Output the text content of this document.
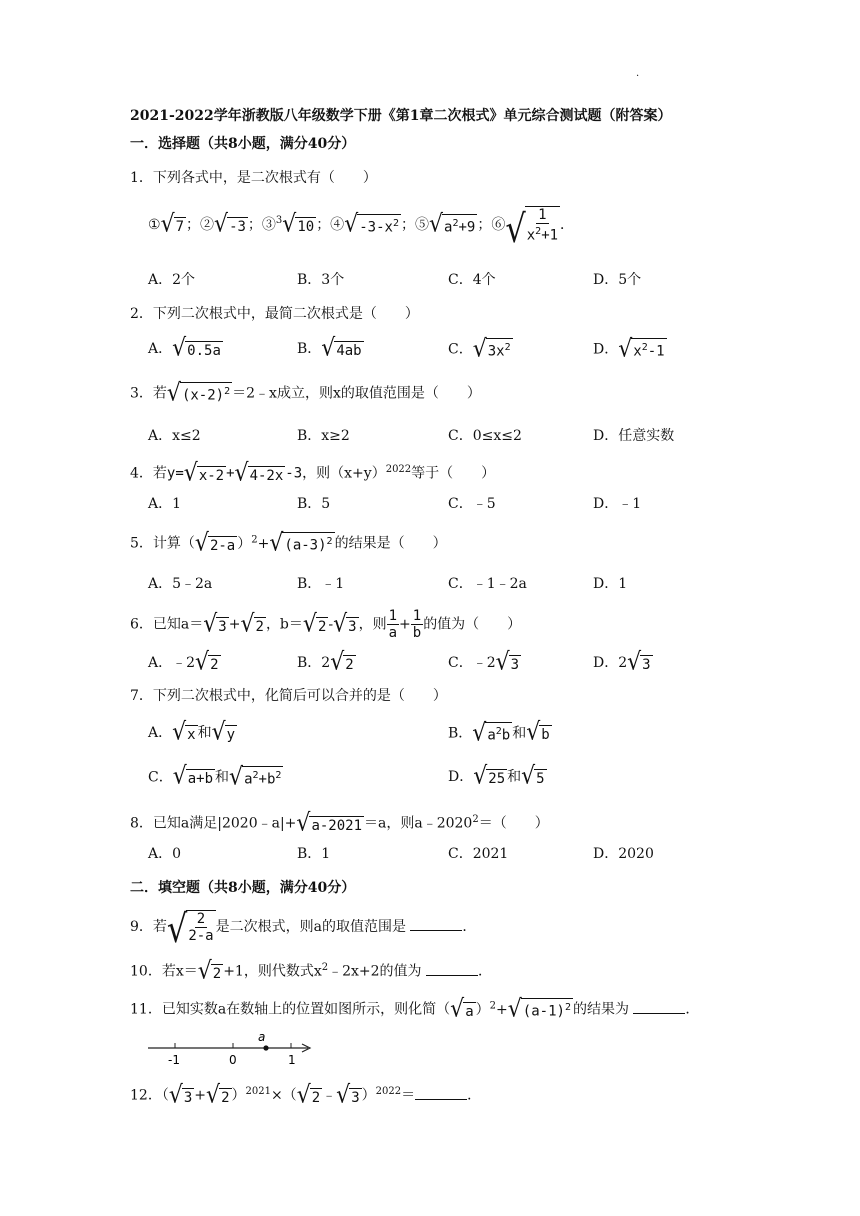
.
2021-2022学年浙教版八年级数学下册《第1章二次根式》单元综合测试题（附答案）
一．选择题（共8小题，满分40分）
1．下列各式中，是二次根式有（　　）
① √ 7 ；② √ -3 ；③$^3$ √ 10 ；④ √ $-3-x^2$ ；⑤ √ $a^2+9$ ；⑥ √ $\frac{1}{x^2+1}$ ．
A．2个	B．3个	C．4个	D．5个
2．下列二次根式中，最简二次根式是（　　）
A． √ 0.5a	B． √ 4ab	C． √ $3x^2$	D． √ $x^2-1$
3．若 √ $(x-2)^2$ ＝2﹣x成立，则x的取值范围是（　　）
A．x≤2	B．x≥2	C．0≤x≤2	D．任意实数
4．若y= √ x-2 + √ 4-2x -3，则$(x+y)^{2022}$等于（　　）
A．1	B．5	C．﹣5	D．﹣1
5．计算（ √ 2-a ）$^2$+ √ $(a-3)^2$ 的结果是（　　）
A．5﹣2a	B．﹣1	C．﹣1﹣2a	D．1
6．已知a＝ √ 3 + √ 2 ，b＝ √ 2 - √ 3 ，则 $\frac{1}{a} + \frac{1}{b}$ 的值为（　　）
A．﹣2 √ 2	B．2 √ 2	C．﹣2 √ 3	D．2 √ 3
7．下列二次根式中，化简后可以合并的是（　　）
A． √ x 和 √ y	B． √ $a^2b$ 和 √ b
C． √ a+b 和 √ $a^2+b^2$	D． √ 25 和 √ 5
8．已知a满足|2020﹣a|+ √ a-2021 ＝a，则$a﹣2020^2=$（　　）
A．0	B．1	C．2021	D．2020
二．填空题（共8小题，满分40分）
9．若 √ $\frac{2}{2-a}$ 是二次根式，则a的取值范围是	．
10．若x＝ √ 2 +1，则代数式$x^2﹣2x+2$的值为	．
11．已知实数a在数轴上的位置如图所示，则化简（ √ a ）$^2$+ √ $(a-1)^2$ 的结果为	．
a
-1	0	1
12．（ √ 3 + √ 2 ）$^{2021}$×（ √ 2 ﹣ √ 3 ）$^{2022}$＝	．
